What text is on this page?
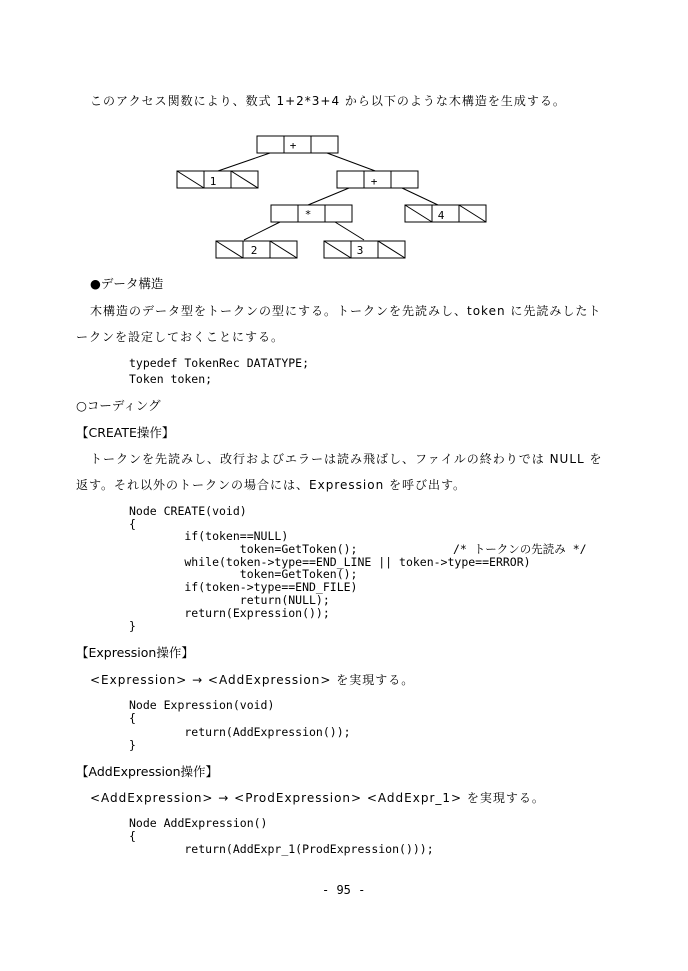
このアクセス関数により、数式 1+2*3+4 から以下のような木構造を生成する。
+
1	+
*	4
2	3
●データ構造
木構造のデータ型をトークンの型にする。トークンを先読みし、token に先読みしたト
ークンを設定しておくことにする。
typedef TokenRec DATATYPE;
Token token;
○コーディング
【CREATE操作】
トークンを先読みし、改行およびエラーは読み飛ばし、ファイルの終わりでは NULL を
返す。それ以外のトークンの場合には、Expression を呼び出す。
Node CREATE(void)
{
if(token==NULL)
token=GetToken();	/* トークンの先読み */
while(token->type==END_LINE || token->type==ERROR)
token=GetToken();
if(token->type==END_FILE)
return(NULL);
return(Expression());
}
【Expression操作】
<Expression> → <AddExpression> を実現する。
Node Expression(void)
{
return(AddExpression());
}
【AddExpression操作】
<AddExpression> → <ProdExpression> <AddExpr_1> を実現する。
Node AddExpression()
{
return(AddExpr_1(ProdExpression()));
- 95 -
